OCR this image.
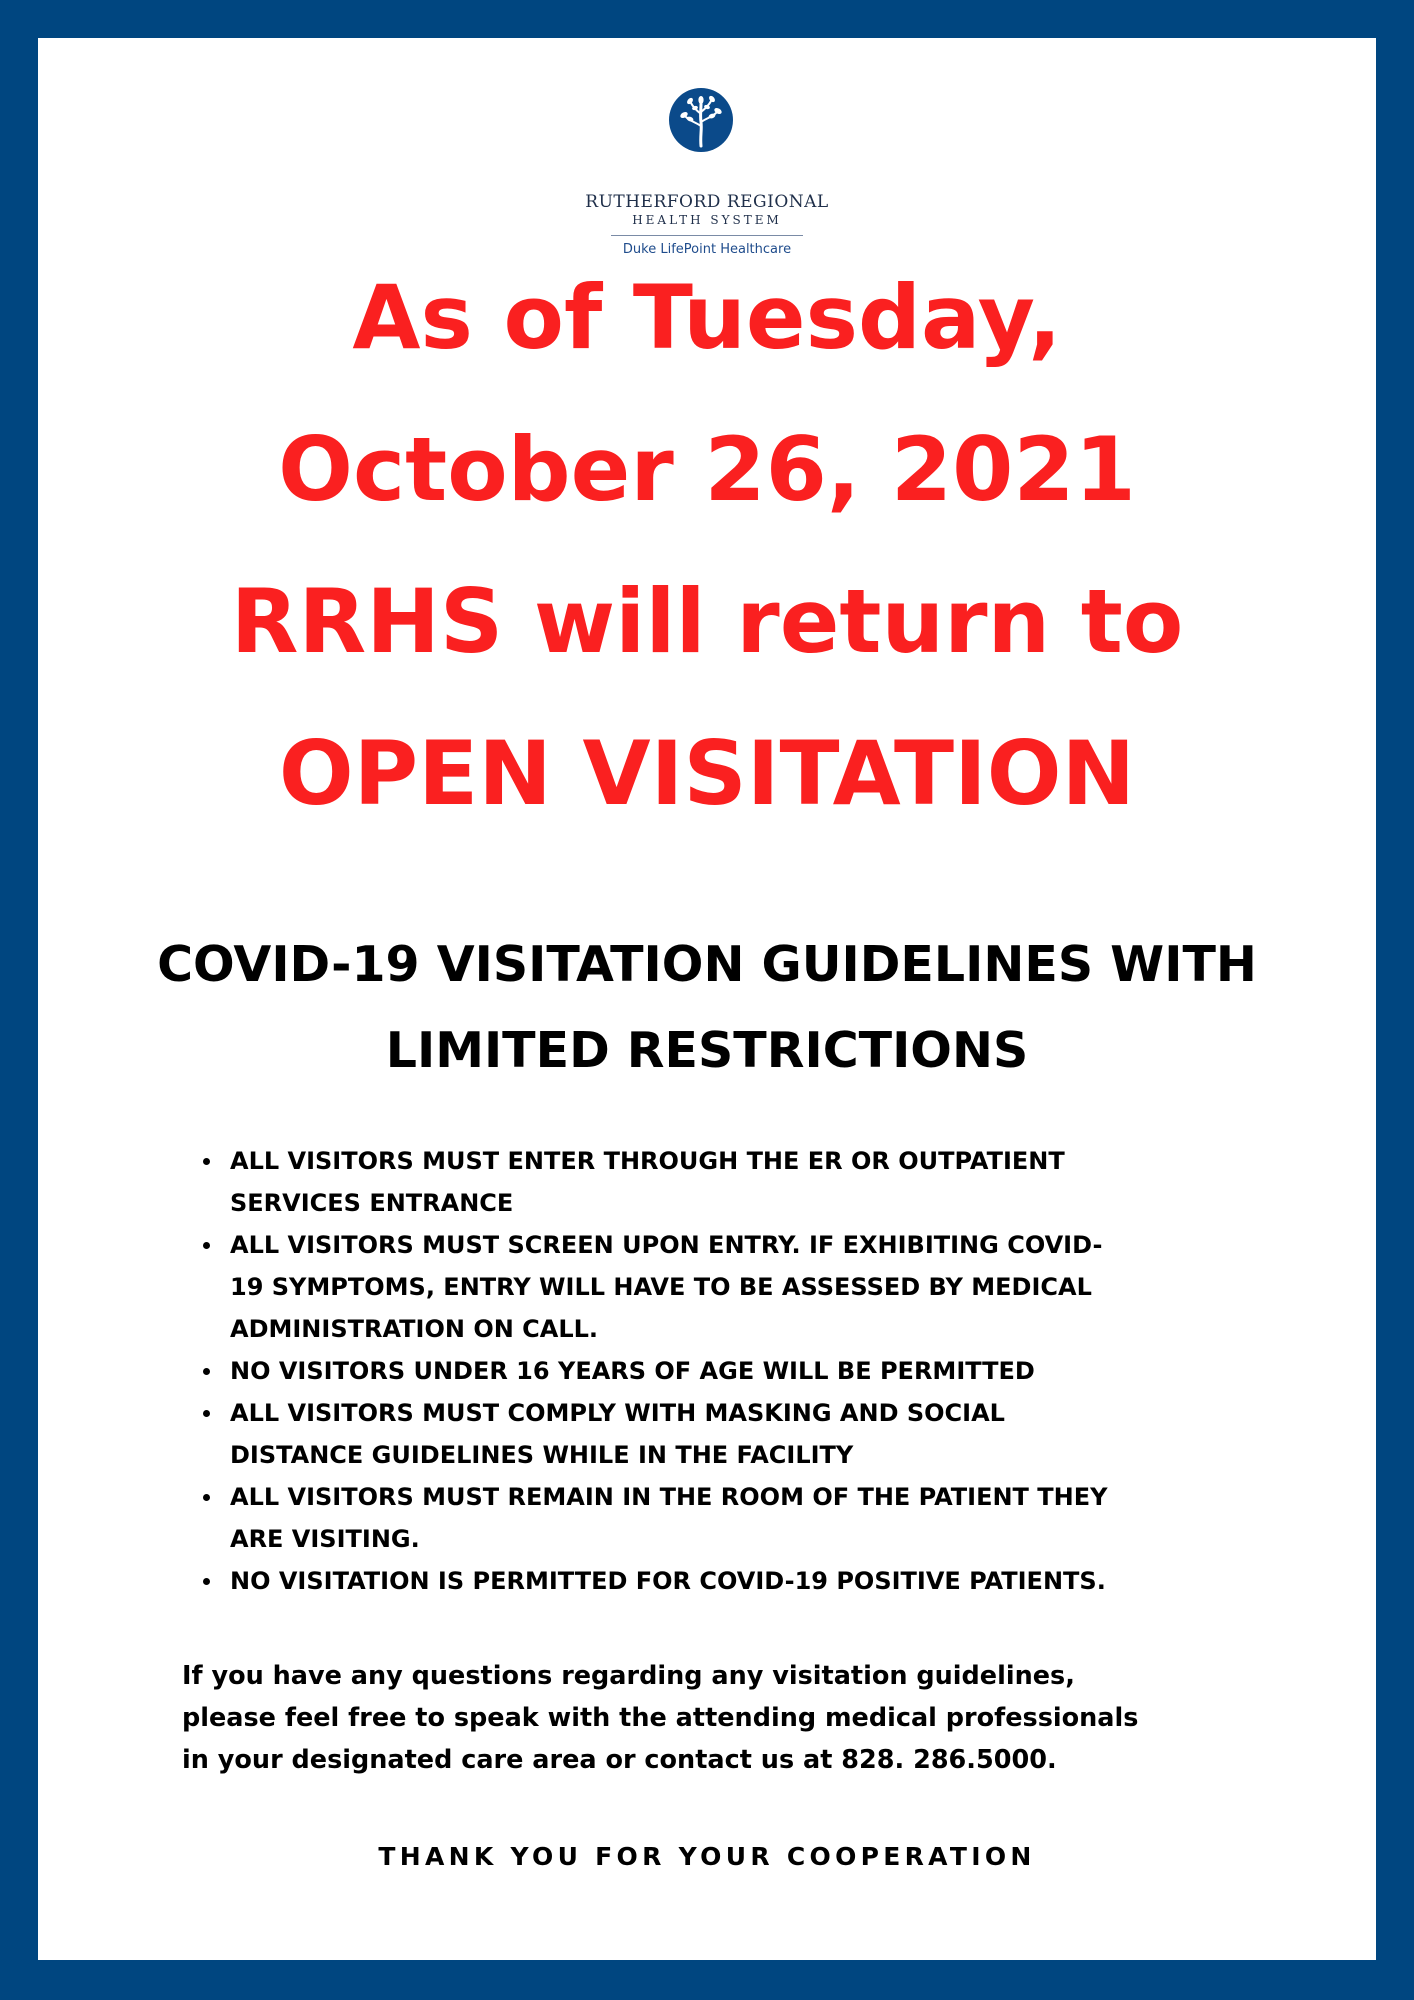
RUTHERFORD REGIONAL
HEALTH SYSTEM
Duke LifePoint Healthcare
As of Tuesday,
October 26, 2021
RRHS will return to
OPEN VISITATION
COVID-19 VISITATION GUIDELINES WITH
LIMITED RESTRICTIONS
ALL VISITORS MUST ENTER THROUGH THE ER OR OUTPATIENT
SERVICES ENTRANCE
ALL VISITORS MUST SCREEN UPON ENTRY. IF EXHIBITING COVID-
19 SYMPTOMS, ENTRY WILL HAVE TO BE ASSESSED BY MEDICAL
ADMINISTRATION ON CALL.
NO VISITORS UNDER 16 YEARS OF AGE WILL BE PERMITTED
ALL VISITORS MUST COMPLY WITH MASKING AND SOCIAL
DISTANCE GUIDELINES WHILE IN THE FACILITY
ALL VISITORS MUST REMAIN IN THE ROOM OF THE PATIENT THEY
ARE VISITING.
NO VISITATION IS PERMITTED FOR COVID-19 POSITIVE PATIENTS.
If you have any questions regarding any visitation guidelines,
please feel free to speak with the attending medical professionals
in your designated care area or contact us at 828. 286.5000.
THANK YOU FOR YOUR COOPERATION
